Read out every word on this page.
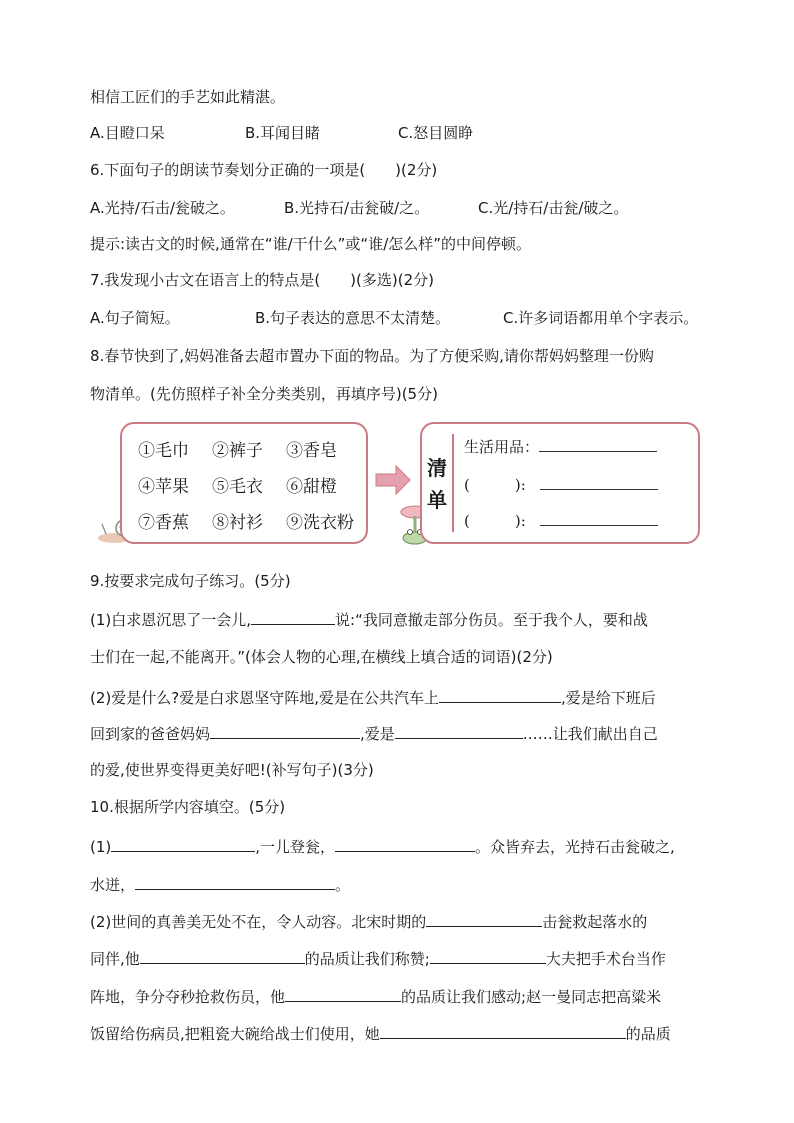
相信工匠们的手艺如此精湛。
A.目瞪口呆	B.耳闻目睹	C.怒目圆睁
6.下面句子的朗读节奏划分正确的一项是(　　)(2分)
A.光持/石击/瓮破之。	B.光持石/击瓮破/之。	C.光/持石/击瓮/破之。
提示:读古文的时候,通常在“谁/干什么”或“谁/怎么样”的中间停顿。
7.我发现小古文在语言上的特点是(　　)(多选)(2分)
A.句子简短。	B.句子表达的意思不太清楚。	C.许多词语都用单个字表示。
8.春节快到了,妈妈准备去超市置办下面的物品。为了方便采购,请你帮妈妈整理一份购
物清单。(先仿照样子补全分类类别，再填序号)(5分)
①毛巾 ②裤子 ③香皂
④苹果 ⑤毛衣 ⑥甜橙
⑦香蕉 ⑧衬衫 ⑨洗衣粉
清
单
生活用品：
(　　　):
(　　　):
9.按要求完成句子练习。(5分)
(1)白求恩沉思了一会儿,	说:“我同意撤走部分伤员。至于我个人，要和战
士们在一起,不能离开。”(体会人物的心理,在横线上填合适的词语)(2分)
(2)爱是什么?爱是白求恩坚守阵地,爱是在公共汽车上	,爱是给下班后
回到家的爸爸妈妈	,爱是	……让我们献出自己
的爱,使世界变得更美好吧!(补写句子)(3分)
10.根据所学内容填空。(5分)
(1)	,一儿登瓮，	。众皆弃去，光持石击瓮破之,
水迸，	。
(2)世间的真善美无处不在，令人动容。北宋时期的	击瓮救起落水的
同伴,他	的品质让我们称赞;	大夫把手术台当作
阵地，争分夺秒抢救伤员，他	的品质让我们感动;赵一曼同志把高粱米
饭留给伤病员,把粗瓷大碗给战士们使用，她	的品质
